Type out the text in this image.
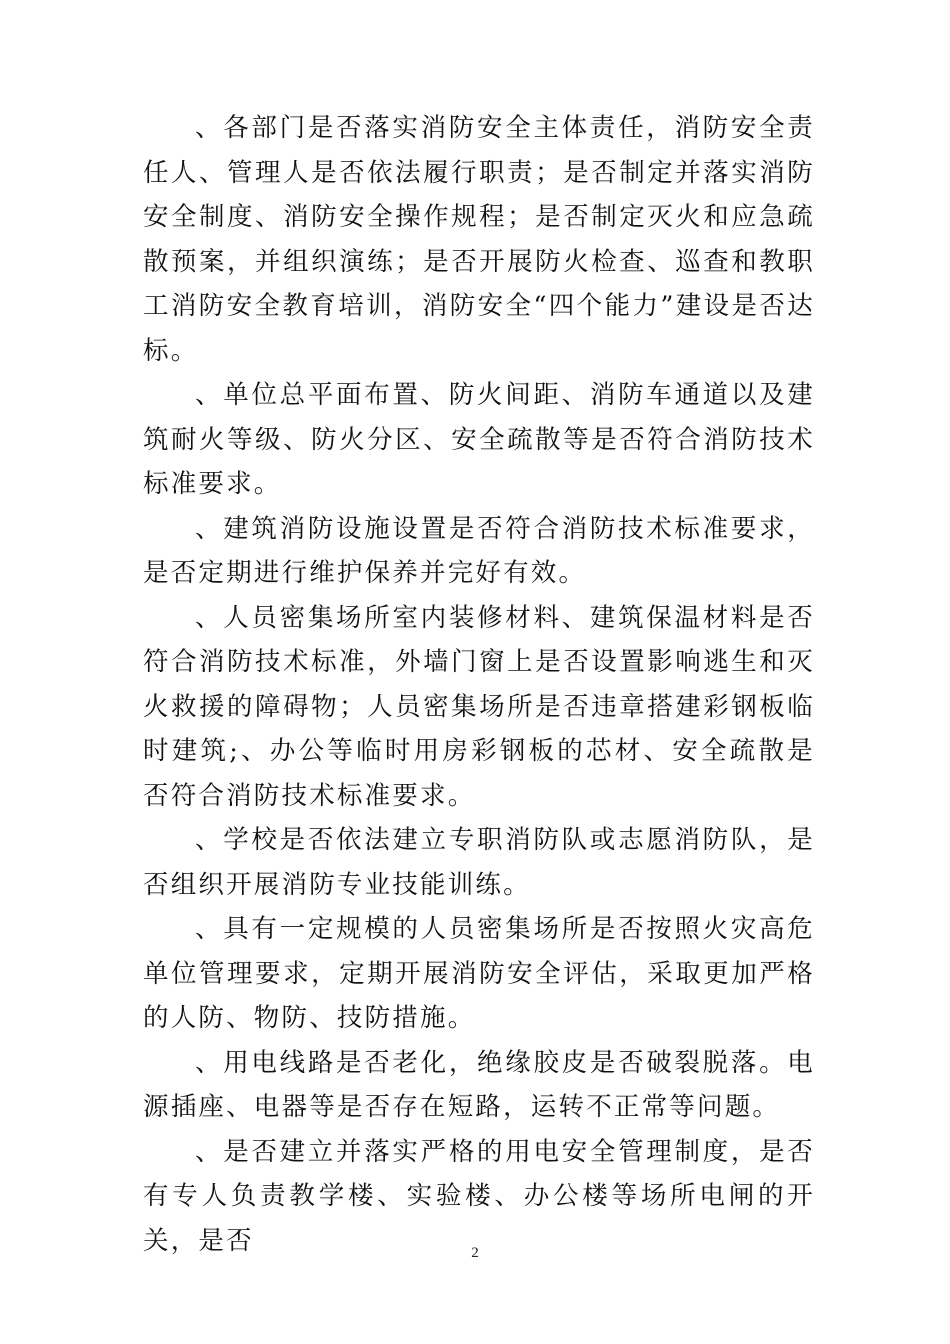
、各部门是否落实消防安全主体责任，消防安全责任人、管理人是否依法履行职责；是否制定并落实消防安全制度、消防安全操作规程；是否制定灭火和应急疏散预案，并组织演练；是否开展防火检查、巡查和教职工消防安全教育培训，消防安全“四个能力”建设是否达标。

、单位总平面布置、防火间距、消防车通道以及建筑耐火等级、防火分区、安全疏散等是否符合消防技术标准要求。

、建筑消防设施设置是否符合消防技术标准要求，是否定期进行维护保养并完好有效。

、人员密集场所室内装修材料、建筑保温材料是否符合消防技术标准，外墙门窗上是否设置影响逃生和灭火救援的障碍物；人员密集场所是否违章搭建彩钢板临时建筑;、办公等临时用房彩钢板的芯材、安全疏散是否符合消防技术标准要求。

、学校是否依法建立专职消防队或志愿消防队，是否组织开展消防专业技能训练。

、具有一定规模的人员密集场所是否按照火灾高危单位管理要求，定期开展消防安全评估，采取更加严格的人防、物防、技防措施。

、用电线路是否老化，绝缘胶皮是否破裂脱落。电源插座、电器等是否存在短路，运转不正常等问题。

、是否建立并落实严格的用电安全管理制度，是否有专人负责教学楼、实验楼、办公楼等场所电闸的开关，是否	2
